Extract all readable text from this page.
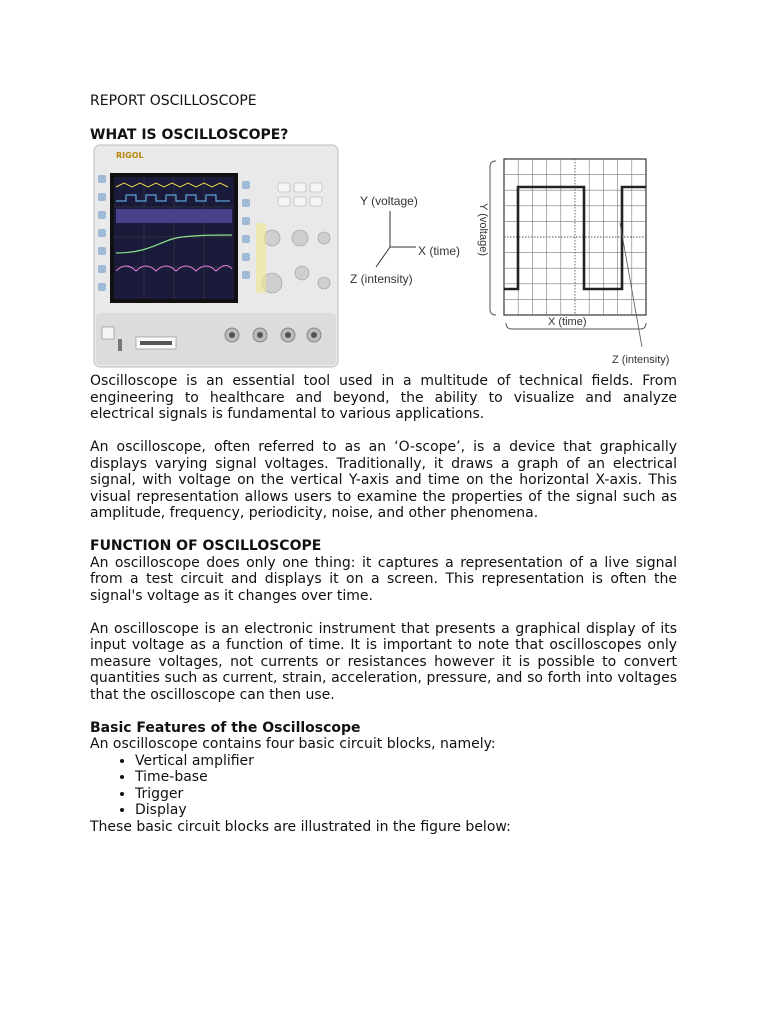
REPORT OSCILLOSCOPE
WHAT IS OSCILLOSCOPE?
RIGOL
Y (voltage)
X (time)
Z (intensity)
Y (voltage)
X (time)
Z (intensity)

Oscilloscope is an essential tool used in a multitude of technical fields. From engineering to healthcare and beyond, the ability to visualize and analyze electrical signals is fundamental to various applications.

An oscilloscope, often referred to as an ‘O-scope’, is a device that graphically displays varying signal voltages. Traditionally, it draws a graph of an electrical signal, with voltage on the vertical Y-axis and time on the horizontal X-axis. This visual representation allows users to examine the properties of the signal such as amplitude, frequency, periodicity, noise, and other phenomena.

FUNCTION OF OSCILLOSCOPE

An oscilloscope does only one thing: it captures a representation of a live signal from a test circuit and displays it on a screen. This representation is often the signal's voltage as it changes over time.

An oscilloscope is an electronic instrument that presents a graphical display of its input voltage as a function of time. It is important to note that oscilloscopes only measure voltages, not currents or resistances however it is possible to convert quantities such as current, strain, acceleration, pressure, and so forth into voltages that the oscilloscope can then use.

Basic Features of the Oscilloscope

An oscilloscope contains four basic circuit blocks, namely:

• Vertical amplifier
• Time-base
• Trigger
• Display

These basic circuit blocks are illustrated in the figure below:
